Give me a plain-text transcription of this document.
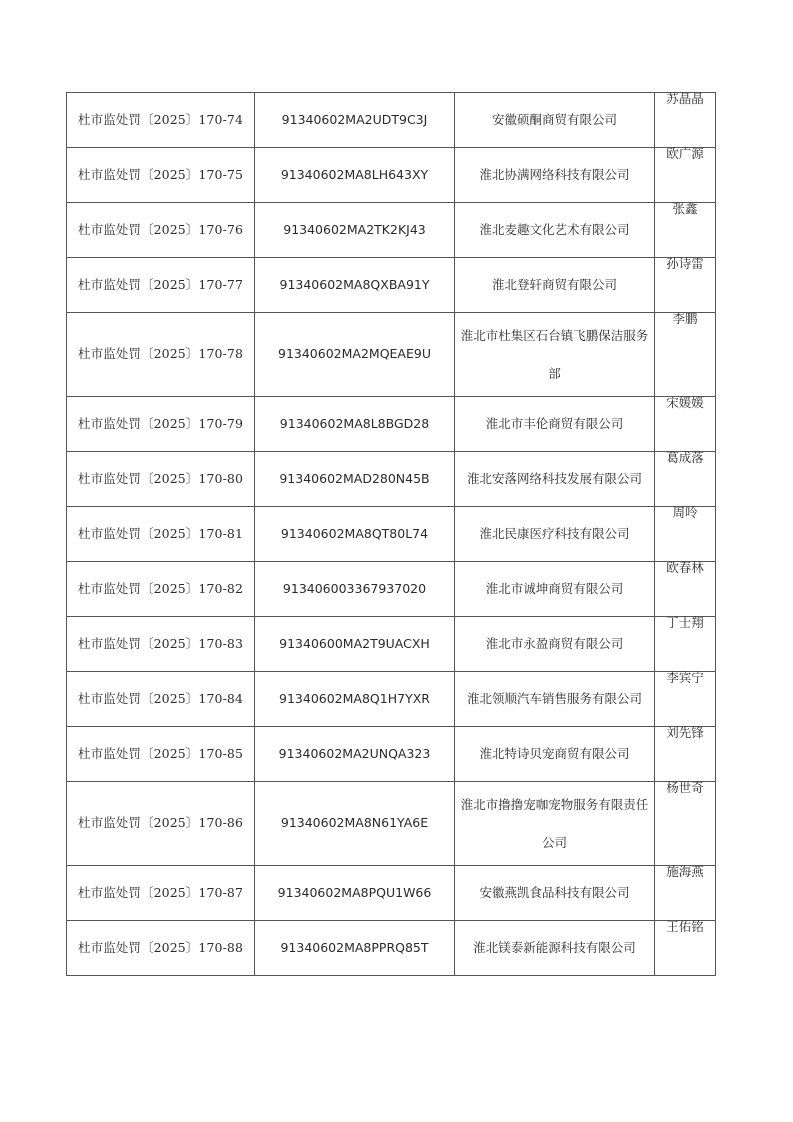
杜市监处罚〔2025〕170-74	91340602MA2UDT9C3J	安徽硕酮商贸有限公司	苏晶晶
杜市监处罚〔2025〕170-75	91340602MA8LH643XY	淮北协满网络科技有限公司	欧广源
杜市监处罚〔2025〕170-76	91340602MA2TK2KJ43	淮北麦趣文化艺术有限公司	张鑫
杜市监处罚〔2025〕170-77	91340602MA8QXBA91Y	淮北登轩商贸有限公司	孙诗雷
杜市监处罚〔2025〕170-78	91340602MA2MQEAE9U	淮北市杜集区石台镇飞鹏保洁服务部	李鹏
杜市监处罚〔2025〕170-79	91340602MA8L8BGD28	淮北市丰伦商贸有限公司	宋媛媛
杜市监处罚〔2025〕170-80	91340602MAD280N45B	淮北安落网络科技发展有限公司	葛成落
杜市监处罚〔2025〕170-81	91340602MA8QT80L74	淮北民康医疗科技有限公司	周呤
杜市监处罚〔2025〕170-82	913406003367937020	淮北市诚坤商贸有限公司	欧春林
杜市监处罚〔2025〕170-83	91340600MA2T9UACXH	淮北市永盈商贸有限公司	丁士翔
杜市监处罚〔2025〕170-84	91340602MA8Q1H7YXR	淮北领顺汽车销售服务有限公司	李宾宁
杜市监处罚〔2025〕170-85	91340602MA2UNQA323	淮北特诗贝宠商贸有限公司	刘先锋
杜市监处罚〔2025〕170-86	91340602MA8N61YA6E	淮北市撸撸宠咖宠物服务有限责任公司	杨世奇
杜市监处罚〔2025〕170-87	91340602MA8PQU1W66	安徽燕凯食品科技有限公司	施海燕
杜市监处罚〔2025〕170-88	91340602MA8PPRQ85T	淮北镁泰新能源科技有限公司	王佑铭
